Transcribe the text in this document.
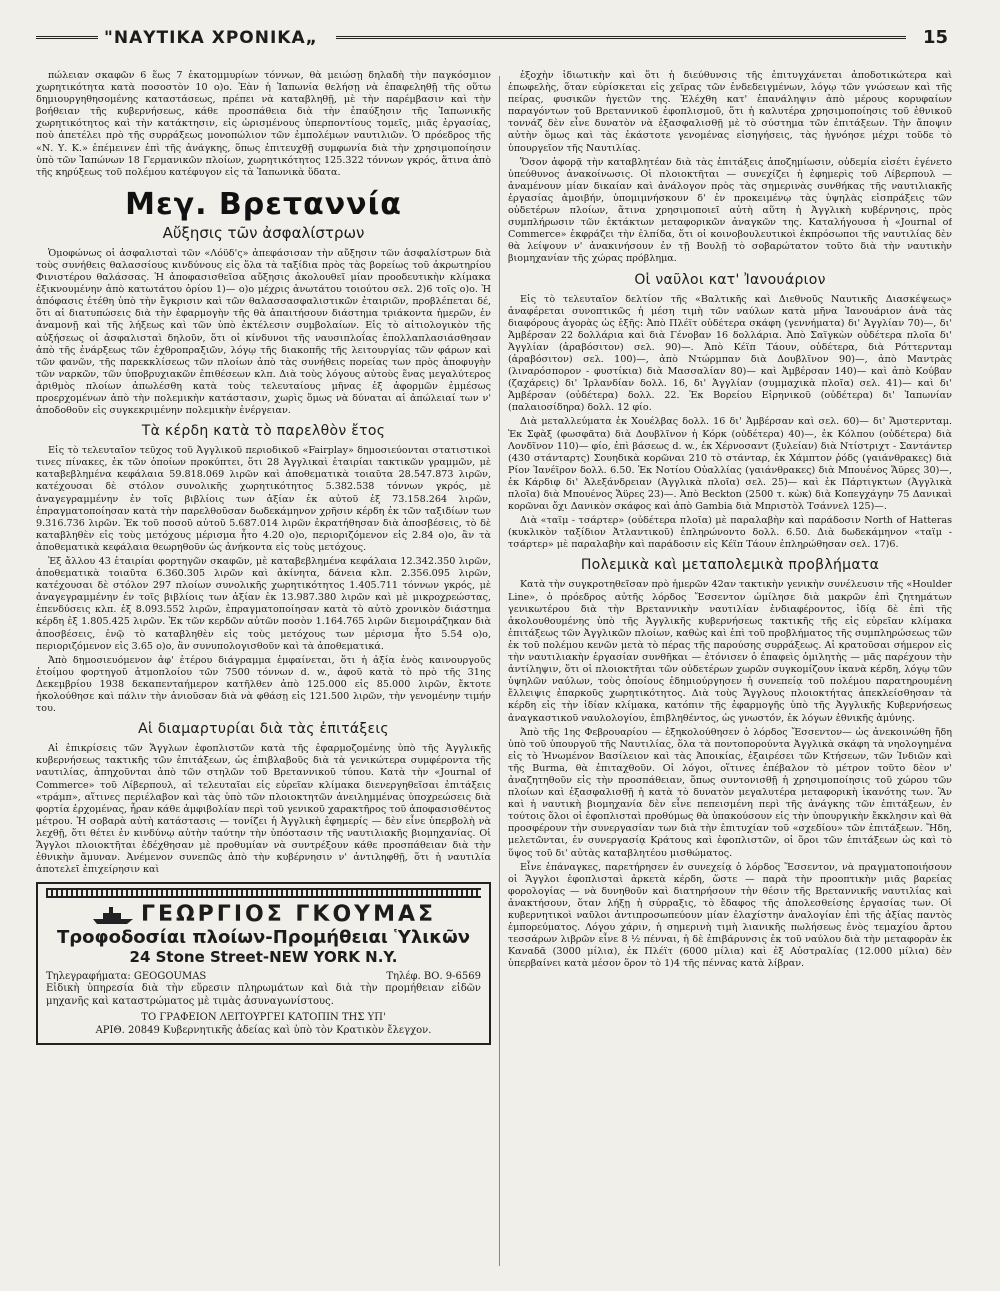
"ΝΑΥΤΙΚΑ ΧΡΟΝΙΚΑ„	15

πώλειαν σκαφῶν 6 ἕως 7 ἑκατομμυρίων τόννων, θὰ μειώσῃ δηλαδὴ τὴν παγκόσμιον χωρητικότητα κατὰ ποσοστὸν 10 ο)ο. Ἐὰν ἡ Ἰαπωνία θελήσῃ νὰ ἐπαφεληθῇ τῆς οὕτω δημιουργηθησομένης καταστάσεως, πρέπει νὰ καταβληθῇ, μὲ τὴν παρέμβασιν καὶ τὴν βοήθειαν τῆς κυβερνήσεως, κάθε προσπάθεια διὰ τὴν ἐπαύξησιν τῆς Ἰαπωνικῆς χωρητικότητος καὶ τὴν κατάκτησιν, εἰς ὡρισμένους ὑπερποντίους τομεῖς, μιᾶς ἐργασίας, ποὺ ἀπετέλει πρὸ τῆς συρράξεως μονοπώλιον τῶν ἐμπολέμων ναυτιλιῶν. Ὁ πρόεδρος τῆς «Ν. Υ. Κ.» ἐπέμεινεν ἐπὶ τῆς ἀνάγκης, ὅπως ἐπιτευχθῇ συμφωνία διὰ τὴν χρησιμοποίησιν ὑπὸ τῶν Ἰαπώνων 18 Γερμανικῶν πλοίων, χωρητικότητος 125.322 τόννων γκρός, ἅτινα ἀπὸ τῆς κηρύξεως τοῦ πολέμου κατέφυγον εἰς τὰ Ἰαπωνικὰ ὕδατα.

Μεγ. Βρεταννία
Αὔξησις τῶν ἀσφαλίστρων

Ὁμοφώνως οἱ ἀσφαλισταὶ τῶν «Λόϋδ'ς» ἀπεφάσισαν τὴν αὔξησιν τῶν ἀσφαλίστρων διὰ τοὺς συνήθεις θαλασσίους κινδύνους εἰς ὅλα τὰ ταξίδια πρὸς τὰς βορείως τοῦ ἀκρωτηρίου Φινιστέρου θαλάσσας. Ἡ ἀποφασισθεῖσα αὔξησις ἀκολουθεῖ μίαν προοδευτικὴν κλίμακα ἐξικνουμένην ἀπὸ κατωτάτου ὁρίου 1)— ο)ο μέχρις ἀνωτάτου τοιούτου σελ. 2)6 τοῖς ο)ο. Ἡ ἀπόφασις ἐτέθη ὑπὸ τὴν ἔγκρισιν καὶ τῶν θαλασσασφαλιστικῶν ἑταιριῶν, προβλέπεται δέ, ὅτι αἱ διατυπώσεις διὰ τὴν ἐφαρμογὴν τῆς θὰ ἀπαιτήσουν διάστημα τριάκοντα ἡμερῶν, ἐν ἀναμονῇ καὶ τῆς λήξεως καὶ τῶν ὑπὸ ἐκτέλεσιν συμβολαίων. Εἰς τὸ αἰτιολογικὸν τῆς αὐξήσεως οἱ ἀσφαλισταὶ δηλοῦν, ὅτι οἱ κίνδυνοι τῆς ναυσιπλοΐας ἐπολλαπλασιάσθησαν ἀπὸ τῆς ἐνάρξεως τῶν ἐχθροπραξιῶν, λόγῳ τῆς διακοπῆς τῆς λειτουργίας τῶν φάρων καὶ τῶν φανῶν, τῆς παρεκκλίσεως τῶν πλοίων ἀπὸ τὰς συνήθεις πορείας των πρὸς ἀποφυγὴν τῶν ναρκῶν, τῶν ὑποβρυχιακῶν ἐπιθέσεων κλπ. Διὰ τοὺς λόγους αὐτοὺς ἕνας μεγαλύτερος ἀριθμὸς πλοίων ἀπωλέσθη κατὰ τοὺς τελευταίους μῆνας ἐξ ἀφορμῶν ἐμμέσως προερχομένων ἀπὸ τὴν πολεμικὴν κατάστασιν, χωρὶς ὅμως νὰ δύναται αἱ ἀπώλειαί των ν' ἀποδοθοῦν εἰς συγκεκριμένην πολεμικὴν ἐνέργειαν.

Τὰ κέρδη κατὰ τὸ παρελθὸν ἔτος

Εἰς τὸ τελευταῖον τεῦχος τοῦ Ἀγγλικοῦ περιοδικοῦ «Fairplay» δημοσιεύονται στατιστικοὶ τινες πίνακες, ἐκ τῶν ὁποίων προκύπτει, ὅτι 28 Ἀγγλικαὶ ἑταιρίαι τακτικῶν γραμμῶν, μὲ καταβεβλημένα κεφάλαια 59.818.069 λιρῶν καὶ ἀποθεματικὰ τοιαῦτα 28.547.873 λιρῶν, κατέχουσαι δὲ στόλον συνολικῆς χωρητικότητος 5.382.538 τόννων γκρός, μὲ ἀναγεγραμμένην ἐν τοῖς βιβλίοις των ἀξίαν ἐκ αὐτοῦ ἐξ 73.158.264 λιρῶν, ἐπραγματοποίησαν κατὰ τὴν παρελθοῦσαν δωδεκάμηνον χρῆσιν κέρδη ἐκ τῶν ταξιδίων των 9.316.736 λιρῶν. Ἐκ τοῦ ποσοῦ αὐτοῦ 5.687.014 λιρῶν ἐκρατήθησαν διὰ ἀποσβέσεις, τὸ δὲ καταβληθὲν εἰς τοὺς μετόχους μέρισμα ἦτο 4.20 ο)ο, περιοριζόμενον εἰς 2.84 ο)ο, ἂν τὰ ἀποθεματικὰ κεφάλαια θεωρηθοῦν ὡς ἀνήκοντα εἰς τοὺς μετόχους.

Ἐξ ἄλλου 43 ἑταιρίαι φορτηγῶν σκαφῶν, μὲ καταβεβλημένα κεφάλαια 12.342.350 λιρῶν, ἀποθεματικὰ τοιαῦτα 6.360.305 λιρῶν καὶ ἀκίνητα, δάνεια κλπ. 2.356.095 λιρῶν, κατέχουσαι δὲ στόλον 297 πλοίων συνολικῆς χωρητικότητος 1.405.711 τόννων γκρός, μὲ ἀναγεγραμμένην ἐν τοῖς βιβλίοις των ἀξίαν ἐκ 13.987.380 λιρῶν καὶ μὲ μικροχρεώστας, ἐπενδύσεις κλπ. ἐξ 8.093.552 λιρῶν, ἐπραγματοποίησαν κατὰ τὸ αὐτὸ χρονικὸν διάστημα κέρδη ἐξ 1.805.425 λιρῶν. Ἐκ τῶν κερδῶν αὐτῶν ποσὸν 1.164.765 λιρῶν διεμοιράζηκαν διὰ ἀποσβέσεις, ἐνῷ τὸ καταβληθὲν εἰς τοὺς μετόχους των μέρισμα ἦτο 5.54 ο)ο, περιοριζόμενον εἰς 3.65 ο)ο, ἂν συνυπολογισθοῦν καὶ τὰ ἀποθεματικά.

Ἀπὸ δημοσιευόμενον ἀφ' ἑτέρου διάγραμμα ἐμφαίνεται, ὅτι ἡ ἀξία ἑνὸς καινουργοῦς ἑτοίμου φορτηγοῦ ἀτμοπλοίου τῶν 7500 τόννων d. w., ἀφοῦ κατὰ τὸ πρὸ τῆς 31ης Δεκεμβρίου 1938 δεκαπενταήμερον κατῆλθεν ἀπὸ 125.000 εἰς 85.000 λιρῶν, ἔκτοτε ἠκολούθησε καὶ πάλιν τὴν ἀνιοῦσαν διὰ νὰ φθάσῃ εἰς 121.500 λιρῶν, τὴν γενομένην τιμήν του.

Αἱ διαμαρτυρίαι διὰ τὰς ἐπιτάξεις

Αἱ ἐπικρίσεις τῶν Ἄγγλων ἐφοπλιστῶν κατὰ τῆς ἐφαρμοζομένης ὑπὸ τῆς Ἀγγλικῆς κυβερνήσεως τακτικῆς τῶν ἐπιτάξεων, ὡς ἐπιβλαβοῦς διὰ τὰ γενικώτερα συμφέροντα τῆς ναυτιλίας, ἀπηχοῦνται ἀπὸ τῶν στηλῶν τοῦ Βρεταννικοῦ τύπου. Κατὰ τὴν «Journal of Commerce» τοῦ Λίβερπουλ, αἱ τελευταῖαι εἰς εὐρεῖαν κλίμακα διενεργηθεῖσαι ἐπιτάξεις «τράμπ», αἵτινες περιέλαβον καὶ τὰς ὑπὸ τῶν πλοιοκτητῶν ἀνειλημμένας ὑποχρεώσεις διὰ φορτία ἐρχομένας, ἦραν κάθε ἀμφιβολίαν περὶ τοῦ γενικοῦ χαρακτῆρος τοῦ ἀποφασισθέντος μέτρου. Ἡ σοβαρὰ αὐτὴ κατάστασις — τονίζει ἡ Ἀγγλικὴ ἐφημερίς — δὲν εἶνε ὑπερβολὴ νὰ λεχθῇ, ὅτι θέτει ἐν κινδύνῳ αὐτὴν ταύτην τὴν ὑπόστασιν τῆς ναυτιλιακῆς βιομηχανίας. Οἱ Ἄγγλοι πλοιοκτῆται ἐδέχθησαν μὲ προθυμίαν νὰ συντρέξουν κάθε προσπάθειαν διὰ τὴν ἐθνικὴν ἄμυναν. Ἀνέμενον συνεπῶς ἀπὸ τὴν κυβέρνησιν ν' ἀντιληφθῇ, ὅτι ἡ ναυτιλία ἀποτελεῖ ἐπιχείρησιν καὶ

ΓΕΩΡΓΙΟΣ ΓΚΟΥΜΑΣ
Τροφοδοσίαι πλοίων-Προμήθειαι Ὑλικῶν
24 Stone Street-NEW YORK N.Y.
Τηλεγραφήματα: GEOGOUMAS	Τηλέφ. ΒΟ. 9-6569
Εἰδικὴ ὑπηρεσία διὰ τὴν εὕρεσιν πληρωμάτων καὶ διὰ τὴν προμήθειαν εἰδῶν μηχανῆς καὶ καταστρώματος μὲ τιμὰς ἀσυναγωνίστους.
ΤΟ ΓΡΑΦΕΙΟΝ ΛΕΙΤΟΥΡΓΕΙ ΚΑΤΟΠΙΝ ΤΗΣ ΥΠ'
ΑΡΙΘ. 20849 Κυβερνητικῆς ἀδείας καὶ ὑπὸ τὸν Κρατικὸν ἔλεγχον.

ἐξοχὴν ἰδιωτικὴν καὶ ὅτι ἡ διεύθυνσις τῆς ἐπιτυγχάνεται ἀποδοτικώτερα καὶ ἐπωφελὴς, ὅταν εὑρίσκεται εἰς χεῖρας τῶν ἐνδεδειγμένων, λόγῳ τῶν γνώσεων καὶ τῆς πείρας, φυσικῶν ἡγετῶν της. Ἐλέχθη κατ' ἐπανάληψιν ἀπὸ μέρους κορυφαίων παραγόντων τοῦ Βρεταννικοῦ ἐφοπλισμοῦ, ὅτι ἡ καλυτέρα χρησιμοποίησις τοῦ ἐθνικοῦ τοννάζ δὲν εἶνε δυνατὸν νὰ ἐξασφαλισθῇ μὲ τὸ σύστημα τῶν ἐπιτάξεων. Τὴν ἄποψιν αὐτὴν ὅμως καὶ τὰς ἐκάστοτε γενομένας εἰσηγήσεις, τὰς ἠγνόησε μέχρι τοῦδε τὸ ὑπουργεῖον τῆς Ναυτιλίας.

Ὅσον ἀφορᾷ τὴν καταβλητέαν διὰ τὰς ἐπιτάξεις ἀποζημίωσιν, οὐδεμία εἰσέτι ἐγένετο ὑπεύθυνος ἀνακοίνωσις. Οἱ πλοιοκτῆται — συνεχίζει ἡ ἐφημερὶς τοῦ Λίβερπουλ — ἀναμένουν μίαν δικαίαν καὶ ἀνάλογον πρὸς τὰς σημερινὰς συνθήκας τῆς ναυτιλιακῆς ἐργασίας ἀμοιβήν, ὑπομιμνήσκουν δ' ἐν προκειμένῳ τὰς ὑψηλὰς εἰσπράξεις τῶν οὐδετέρων πλοίων, ἅτινα χρησιμοποιεῖ αὐτὴ αὕτη ἡ Ἀγγλικὴ κυβέρνησις, πρὸς συμπλήρωσιν τῶν ἐκτάκτων μεταφορικῶν ἀναγκῶν της. Καταλήγουσα ἡ «Journal of Commerce» ἐκφράζει τὴν ἐλπίδα, ὅτι οἱ κοινοβουλευτικοὶ ἐκπρόσωποι τῆς ναυτιλίας δὲν θὰ λείψουν ν' ἀνακινήσουν ἐν τῇ Βουλῇ τὸ σοβαρώτατον τοῦτο διὰ τὴν ναυτικὴν βιομηχανίαν τῆς χώρας πρόβλημα.

Οἱ ναῦλοι κατ' Ἰανουάριον

Εἰς τὸ τελευταῖον δελτίον τῆς «Βαλτικῆς καὶ Διεθνοῦς Ναυτικῆς Διασκέψεως» ἀναφέρεται συνοπτικῶς ἡ μέση τιμὴ τῶν ναύλων κατὰ μῆνα Ἰανουάριον ἀνὰ τὰς διαφόρους ἀγορὰς ὡς ἑξῆς: Ἀπὸ Πλέϊτ οὐδέτερα σκάφη (γεννήματα) δι' Ἀγγλίαν 70)—, δι' Ἀμβέρσαν 22 δολλάρια καὶ διὰ Γένοβαν 16 δολλάρια. Ἀπὸ Σαϊγκὼν οὐδέτερα πλοῖα δι' Ἀγγλίαν (ἀραβόσιτον) σελ. 90)—. Ἀπὸ Κέϊπ Τάουν, οὐδέτερα, διὰ Ρόττερνταμ (ἀραβόσιτον) σελ. 100)—, ἀπὸ Ντώρμπαν διὰ Δουβλῖνον 90)—, ἀπὸ Μαντρὰς (λιναρόσπορον - φυστίκια) διὰ Μασσαλίαν 80)— καὶ Ἀμβέρσαν 140)— καὶ ἀπὸ Κούβαν (ζαχάρεις) δι' Ἰρλανδίαν δολλ. 16, δι' Ἀγγλίαν (συμμαχικὰ πλοῖα) σελ. 41)— καὶ δι' Ἀμβέρσαν (οὐδέτερα) δολλ. 22. Ἐκ Βορείου Εἰρηνικοῦ (οὐδέτερα) δι' Ἰαπωνίαν (παλαιοσίδηρα) δολλ. 12 φίο.

Διὰ μεταλλεύματα ἐκ Χουέλβας δολλ. 16 δι' Ἀμβέρσαν καὶ σελ. 60)— δι' Ἄμστερνταμ. Ἐκ Σφὰξ (φωσφᾶτα) διὰ Δουβλῖνον ἡ Κόρκ (οὐδέτερα) 40)—, ἐκ Κόλπου (οὐδέτερα) διὰ Λονδῖνον 110)— φίο, ἐπὶ βάσεως d. w., ἐκ Χέρνοσαντ (ξυλείαν) διὰ Ντίστριχτ - Σαντάντερ (430 στάνταρτς) Σουηδικὰ κορῶναι 210 τὸ στάνταρ, ἐκ Χάμπτον ῥόδς (γαιάνθρακες) διὰ Ρίον Ἰανέϊρον δολλ. 6.50. Ἐκ Νοτίου Οὐαλλίας (γαιάνθρακες) διὰ Μπουένος Ἄϋρες 30)—, ἐκ Κάρδιφ δι' Ἀλεξάνδρειαν (Ἀγγλικὰ πλοῖα) σελ. 25)— καὶ ἐκ Πάρτιγκτων (Ἀγγλικὰ πλοῖα) διὰ Μπουένος Ἄϋρες 23)—. Ἀπὸ Beckton (2500 τ. κὼκ) διὰ Κοπεγχάγην 75 Δανικαὶ κορῶναι ὄχι Δανικὸν σκάφος καὶ ἀπὸ Gambia διὰ Μπριστὸλ Τσάννελ 125)—.

Διὰ «ταϊμ - τσάρτερ» (οὐδέτερα πλοῖα) μὲ παραλαβὴν καὶ παράδοσιν North of Hatteras (κυκλικὸν ταξίδιον Ἀτλαντικοῦ) ἐπληρώνοντο δολλ. 6.50. Διὰ δωδεκάμηνον «ταϊμ - τσάρτερ» μὲ παραλαβὴν καὶ παράδοσιν εἰς Κέϊπ Τάουν ἐπληρώθησαν σελ. 17)6.

Πολεμικὰ καὶ μεταπολεμικὰ προβλήματα

Κατὰ τὴν συγκροτηθεῖσαν πρὸ ἡμερῶν 42αν τακτικὴν γενικὴν συνέλευσιν τῆς «Houlder Line», ὁ πρόεδρος αὐτῆς λόρδος Ἔσσεντον ὡμίλησε διὰ μακρῶν ἐπὶ ζητημάτων γενικωτέρου διὰ τὴν Βρεταννικὴν ναυτιλίαν ἐνδιαφέροντος, ἰδίᾳ δὲ ἐπὶ τῆς ἀκολουθουμένης ὑπὸ τῆς Ἀγγλικῆς κυβερνήσεως τακτικῆς τῆς εἰς εὐρεῖαν κλίμακα ἐπιτάξεως τῶν Ἀγγλικῶν πλοίων, καθὼς καὶ ἐπὶ τοῦ προβλήματος τῆς συμπληρώσεως τῶν ἐκ τοῦ πολέμου κενῶν μετὰ τὸ πέρας τῆς παρούσης συρράξεως. Αἱ κρατοῦσαι σήμερον εἰς τὴν ναυτιλιακὴν ἐργασίαν συνθῆκαι — ἐτόνισεν ὁ ἐπαφεὶς ὁμιλητὴς — μᾶς παρέχουν τὴν ἀντίληψιν, ὅτι οἱ πλοιοκτῆται τῶν οὐδετέρων χωρῶν συγκομίζουν ἱκανὰ κέρδη, λόγῳ τῶν ὑψηλῶν ναύλων, τοὺς ὁποίους ἐδημιούργησεν ἡ συνεπείᾳ τοῦ πολέμου παρατηρουμένη ἔλλειψις ἐπαρκοῦς χωρητικότητος. Διὰ τοὺς Ἄγγλους πλοιοκτήτας ἀπεκλείσθησαν τὰ κέρδη εἰς τὴν ἰδίαν κλίμακα, κατόπιν τῆς ἐφαρμογῆς ὑπὸ τῆς Ἀγγλικῆς Κυβερνήσεως ἀναγκαστικοῦ ναυλολογίου, ἐπιβληθέντος, ὡς γνωστόν, ἐκ λόγων ἐθνικῆς ἀμύνης.

Ἀπὸ τῆς 1ης Φεβρουαρίου — ἐξηκολούθησεν ὁ λόρδος Ἔσσεντον— ὡς ἀνεκοινώθη ἤδη ὑπὸ τοῦ ὑπουργοῦ τῆς Ναυτιλίας, ὅλα τὰ ποντοπορούντα Ἀγγλικὰ σκάφη τὰ νηολογημένα εἰς τὸ Ἡνωμένον Βασίλειον καὶ τὰς Ἀποικίας, ἐξαιρέσει τῶν Κτήσεων, τῶν Ἰνδιῶν καὶ τῆς Burma, θὰ ἐπιταχθοῦν. Οἱ λόγοι, οἵτινες ἐπέβαλον τὸ μέτρον τοῦτο δὲον ν' ἀναζητηθοῦν εἰς τὴν προσπάθειαν, ὅπως συντονισθῇ ἡ χρησιμοποίησις τοῦ χώρου τῶν πλοίων καὶ ἐξασφαλισθῇ ἡ κατὰ τὸ δυνατὸν μεγαλυτέρα μεταφορικὴ ἱκανότης των. Ἂν καὶ ἡ ναυτικὴ βιομηχανία δὲν εἶνε πεπεισμένη περὶ τῆς ἀνάγκης τῶν ἐπιτάξεων, ἐν τούτοις ὅλοι οἱ ἐφοπλισταὶ προθύμως θὰ ὑπακούσουν εἰς τὴν ὑπουργικὴν ἔκκλησιν καὶ θὰ προσφέρουν τὴν συνεργασίαν των διὰ τὴν ἐπιτυχίαν τοῦ «σχεδίου» τῶν ἐπιτάξεων. Ἤδη, μελετῶνται, ἐν συνεργασίᾳ Κράτους καὶ ἐφοπλιστῶν, οἱ ὅροι τῶν ἐπιτάξεων ὡς καὶ τὸ ὕψος τοῦ δι' αὐτὰς καταβλητέου μισθώματος.

Εἶνε ἐπάναγκες, παρετήρησεν ἐν συνεχείᾳ ὁ λόρδος Ἔσσεντον, νὰ πραγματοποιήσουν οἱ Ἄγγλοι ἐφοπλισταὶ ἀρκετὰ κέρδη, ὥστε — παρὰ τὴν προοπτικὴν μιᾶς βαρείας φορολογίας — νὰ δυνηθοῦν καὶ διατηρήσουν τὴν θέσιν τῆς Βρεταννικῆς ναυτιλίας καὶ ἀνακτήσουν, ὅταν λήξῃ ἡ σύρραξις, τὸ ἔδαφος τῆς ἀπολεσθείσης ἐργασίας των. Οἱ κυβερνητικοὶ ναῦλοι ἀντιπροσωπεύουν μίαν ἐλαχίστην ἀναλογίαν ἐπὶ τῆς ἀξίας παντὸς ἐμπορεύματος. Λόγου χάριν, ἡ σημερινὴ τιμὴ λιανικῆς πωλήσεως ἑνὸς τεμαχίου ἄρτου τεσσάρων λιβρῶν εἶνε 8 ½ πένναι, ἡ δὲ ἐπιβάρυνσις ἐκ τοῦ ναύλου διὰ τὴν μεταφορὰν ἐκ Καναδᾶ (3000 μίλια), ἐκ Πλέϊτ (6000 μίλια) καὶ ἐξ Αὐστραλίας (12.000 μίλια) δὲν ὑπερβαίνει κατὰ μέσον ὅρον τὸ 1)4 τῆς πέννας κατὰ λίβραν.
